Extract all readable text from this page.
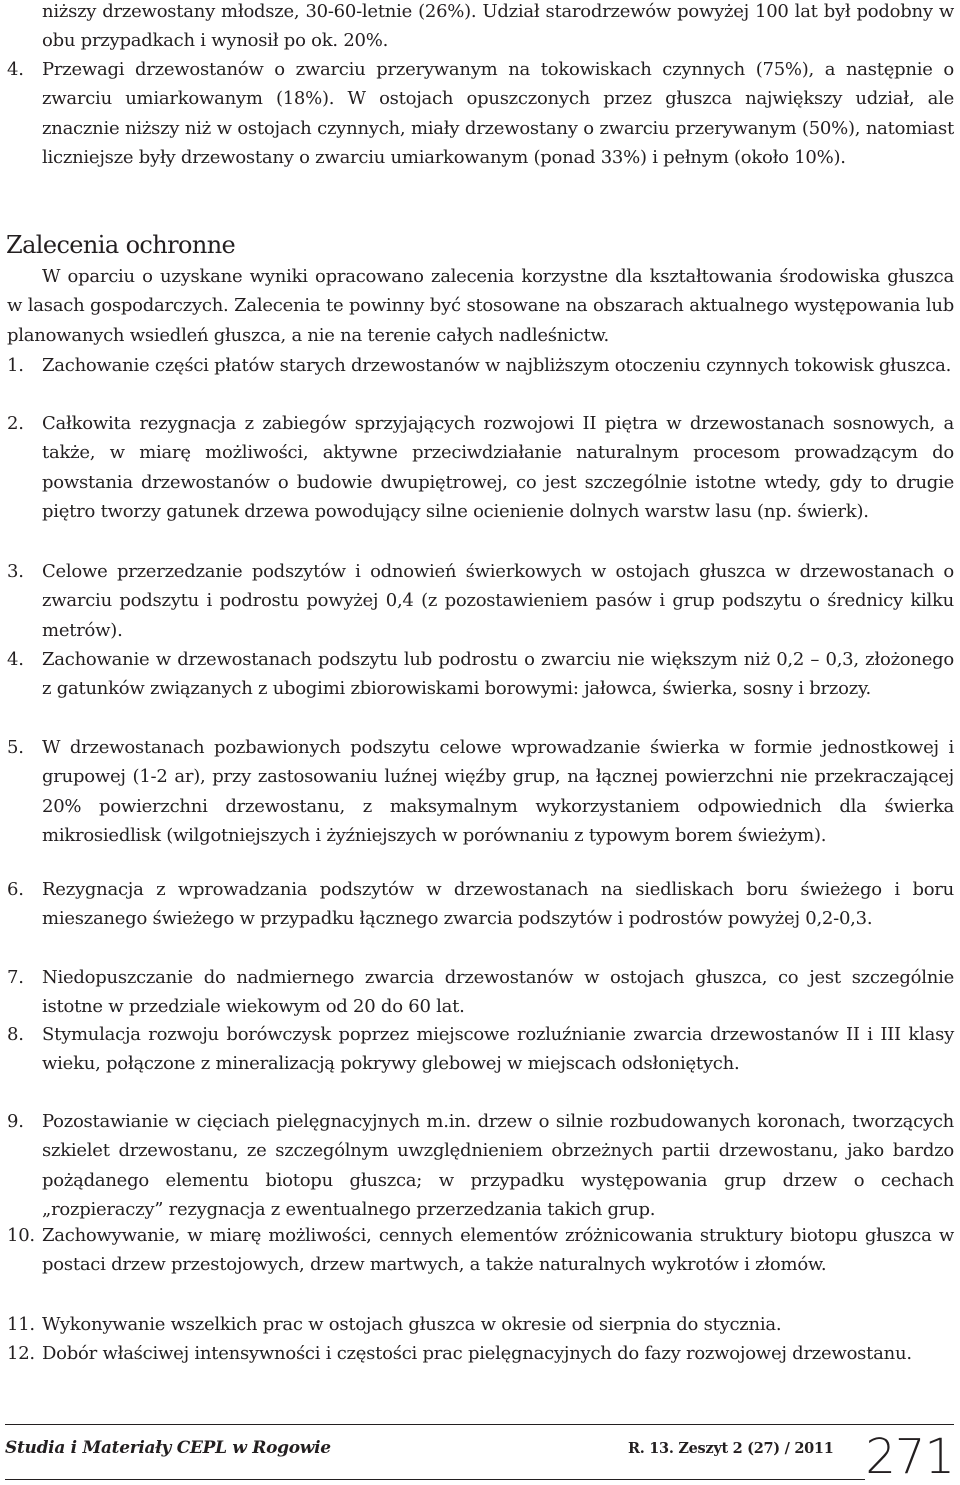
niższy drzewostany młodsze, 30-60-letnie (26%). Udział starodrzewów powyżej 100 lat był podobny w obu przypadkach i wynosił po ok. 20%.
4. Przewagi drzewostanów o zwarciu przerywanym na tokowiskach czynnych (75%), a następnie o zwarciu umiarkowanym (18%). W ostojach opuszczonych przez głuszca największy udział, ale znacznie niższy niż w ostojach czynnych, miały drzewostany o zwarciu przerywanym (50%), natomiast liczniejsze były drzewostany o zwarciu umiarkowanym (ponad 33%) i pełnym (około 10%).
Zalecenia ochronne
W oparciu o uzyskane wyniki opracowano zalecenia korzystne dla kształtowania środowiska głuszca w lasach gospodarczych. Zalecenia te powinny być stosowane na obszarach aktualnego występowania lub planowanych wsiedleń głuszca, a nie na terenie całych nadleśnictw.
1. Zachowanie części płatów starych drzewostanów w najbliższym otoczeniu czynnych tokowisk głuszca.
2. Całkowita rezygnacja z zabiegów sprzyjających rozwojowi II piętra w drzewostanach sosnowych, a także, w miarę możliwości, aktywne przeciwdziałanie naturalnym procesom prowadzącym do powstania drzewostanów o budowie dwupiętrowej, co jest szczególnie istotne wtedy, gdy to drugie piętro tworzy gatunek drzewa powodujący silne ocienienie dolnych warstw lasu (np. świerk).
3. Celowe przerzedzanie podszytów i odnowień świerkowych w ostojach głuszca w drzewostanach o zwarciu podszytu i podrostu powyżej 0,4 (z pozostawieniem pasów i grup podszytu o średnicy kilku metrów).
4. Zachowanie w drzewostanach podszytu lub podrostu o zwarciu nie większym niż 0,2 – 0,3, złożonego z gatunków związanych z ubogimi zbiorowiskami borowymi: jałowca, świerka, sosny i brzozy.
5. W drzewostanach pozbawionych podszytu celowe wprowadzanie świerka w formie jednostkowej i grupowej (1-2 ar), przy zastosowaniu luźnej więźby grup, na łącznej powierzchni nie przekraczającej 20% powierzchni drzewostanu, z maksymalnym wykorzystaniem odpowiednich dla świerka mikrosiedlisk (wilgotniejszych i żyźniejszych w porównaniu z typowym borem świeżym).
6. Rezygnacja z wprowadzania podszytów w drzewostanach na siedliskach boru świeżego i boru mieszanego świeżego w przypadku łącznego zwarcia podszytów i podrostów powyżej 0,2-0,3.
7. Niedopuszczanie do nadmiernego zwarcia drzewostanów w ostojach głuszca, co jest szczególnie istotne w przedziale wiekowym od 20 do 60 lat.
8. Stymulacja rozwoju borówczysk poprzez miejscowe rozluźnianie zwarcia drzewostanów II i III klasy wieku, połączone z mineralizacją pokrywy glebowej w miejscach odsłoniętych.
9. Pozostawianie w cięciach pielęgnacyjnych m.in. drzew o silnie rozbudowanych koronach, tworzących szkielet drzewostanu, ze szczególnym uwzględnieniem obrzeżnych partii drzewostanu, jako bardzo pożądanego elementu biotopu głuszca; w przypadku występowania grup drzew o cechach „rozpieraczy” rezygnacja z ewentualnego przerzedzania takich grup.
10. Zachowywanie, w miarę możliwości, cennych elementów zróżnicowania struktury biotopu głuszca w postaci drzew przestojowych, drzew martwych, a także naturalnych wykrotów i złomów.
11. Wykonywanie wszelkich prac w ostojach głuszca w okresie od sierpnia do stycznia.
12. Dobór właściwej intensywności i częstości prac pielęgnacyjnych do fazy rozwojowej drzewostanu.
Studia i Materiały CEPL w Rogowie	R. 13. Zeszyt 2 (27) / 2011 271
